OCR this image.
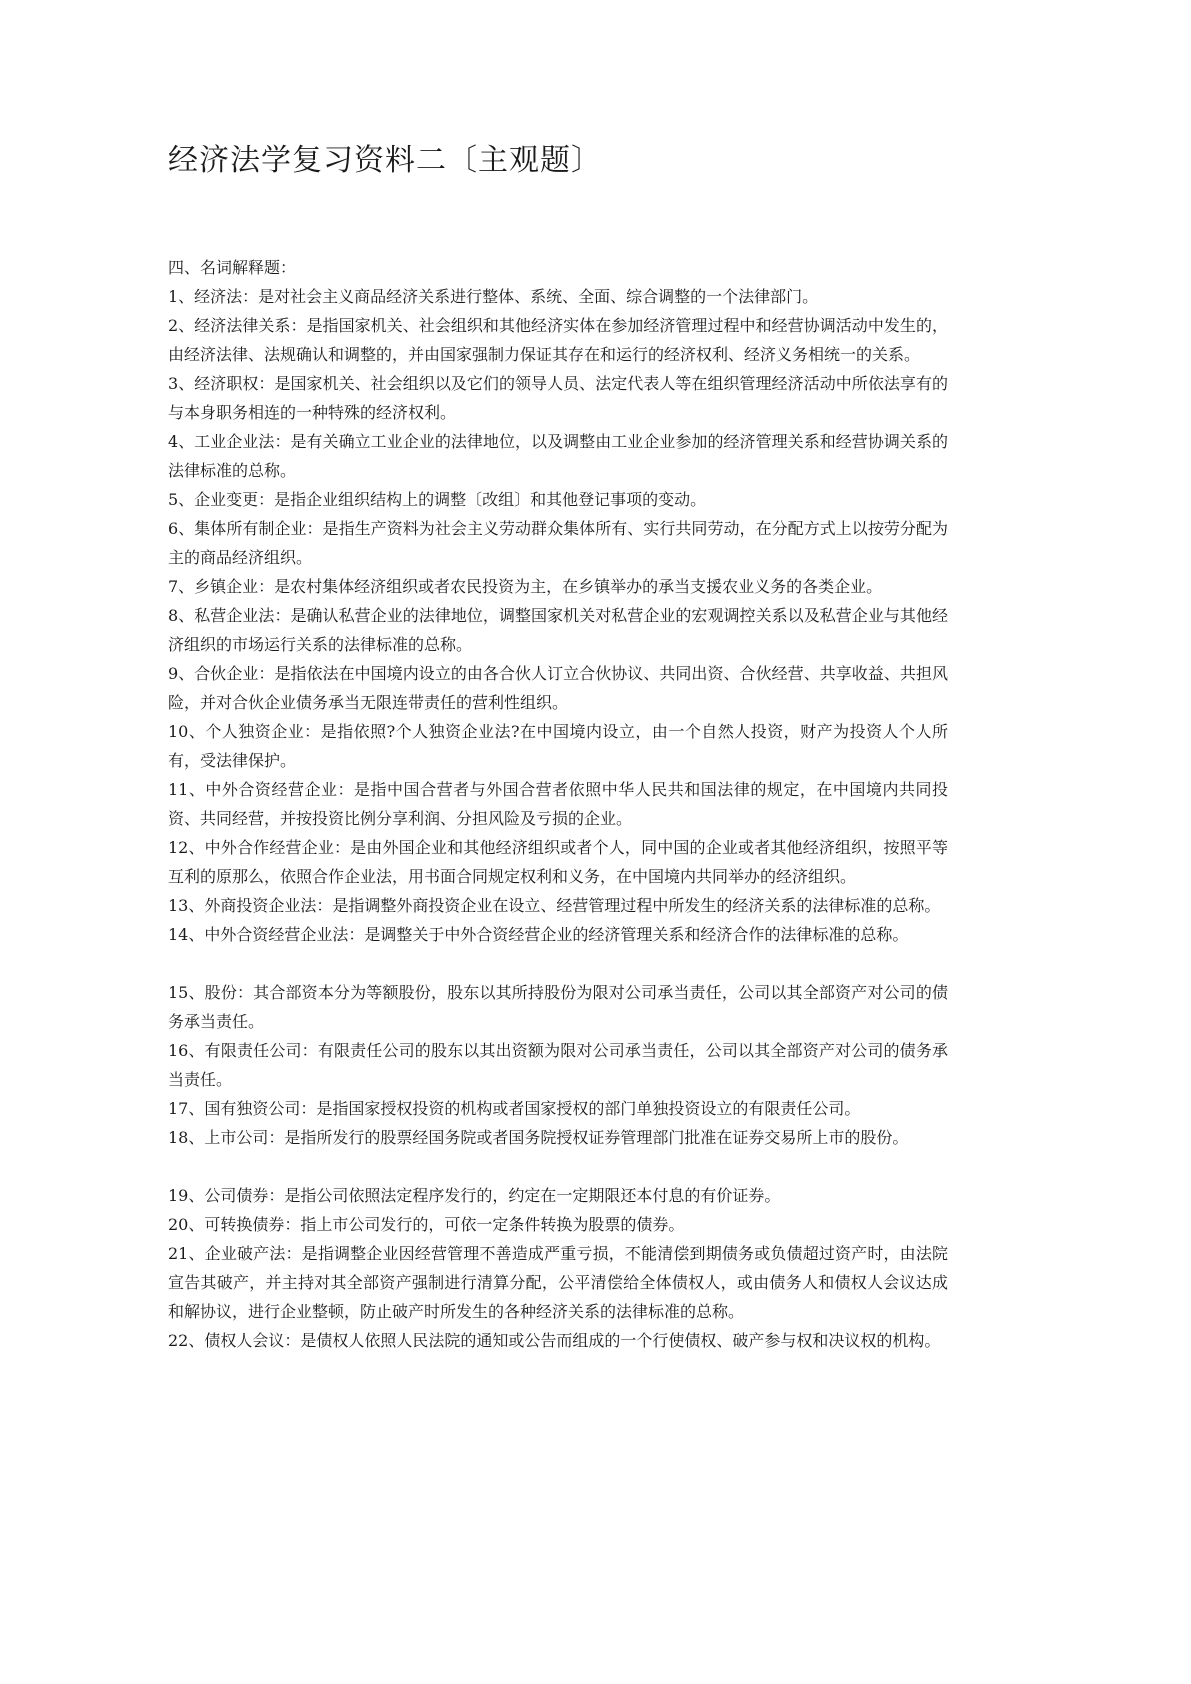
经济法学复习资料二〔主观题〕
四、名词解释题：

1、经济法：是对社会主义商品经济关系进行整体、系统、全面、综合调整的一个法律部门。

2、经济法律关系：是指国家机关、社会组织和其他经济实体在参加经济管理过程中和经营协调活动中发生的，由经济法律、法规确认和调整的，并由国家强制力保证其存在和运行的经济权利、经济义务相统一的关系。

3、经济职权：是国家机关、社会组织以及它们的领导人员、法定代表人等在组织管理经济活动中所依法享有的与本身职务相连的一种特殊的经济权利。

4、工业企业法：是有关确立工业企业的法律地位，以及调整由工业企业参加的经济管理关系和经营协调关系的法律标准的总称。

5、企业变更：是指企业组织结构上的调整〔改组〕和其他登记事项的变动。

6、集体所有制企业：是指生产资料为社会主义劳动群众集体所有、实行共同劳动，在分配方式上以按劳分配为主的商品经济组织。

7、乡镇企业：是农村集体经济组织或者农民投资为主，在乡镇举办的承当支援农业义务的各类企业。

8、私营企业法：是确认私营企业的法律地位，调整国家机关对私营企业的宏观调控关系以及私营企业与其他经济组织的市场运行关系的法律标准的总称。

9、合伙企业：是指依法在中国境内设立的由各合伙人订立合伙协议、共同出资、合伙经营、共享收益、共担风险，并对合伙企业债务承当无限连带责任的营利性组织。

10、个人独资企业：是指依照?个人独资企业法?在中国境内设立，由一个自然人投资，财产为投资人个人所有，受法律保护。

11、中外合资经营企业：是指中国合营者与外国合营者依照中华人民共和国法律的规定，在中国境内共同投资、共同经营，并按投资比例分享利润、分担风险及亏损的企业。

12、中外合作经营企业：是由外国企业和其他经济组织或者个人，同中国的企业或者其他经济组织，按照平等互利的原那么，依照合作企业法，用书面合同规定权利和义务，在中国境内共同举办的经济组织。

13、外商投资企业法：是指调整外商投资企业在设立、经营管理过程中所发生的经济关系的法律标准的总称。

14、中外合资经营企业法：是调整关于中外合资经营企业的经济管理关系和经济合作的法律标准的总称。

15、股份：其合部资本分为等额股份，股东以其所持股份为限对公司承当责任，公司以其全部资产对公司的债务承当责任。

16、有限责任公司：有限责任公司的股东以其出资额为限对公司承当责任，公司以其全部资产对公司的债务承当责任。

17、国有独资公司：是指国家授权投资的机构或者国家授权的部门单独投资设立的有限责任公司。

18、上市公司：是指所发行的股票经国务院或者国务院授权证券管理部门批准在证券交易所上市的股份。

19、公司债券：是指公司依照法定程序发行的，约定在一定期限还本付息的有价证券。

20、可转换债券：指上市公司发行的，可依一定条件转换为股票的债券。

21、企业破产法：是指调整企业因经营管理不善造成严重亏损，不能清偿到期债务或负债超过资产时，由法院宣告其破产，并主持对其全部资产强制进行清算分配，公平清偿给全体债权人，或由债务人和债权人会议达成和解协议，进行企业整顿，防止破产时所发生的各种经济关系的法律标准的总称。

22、债权人会议：是债权人依照人民法院的通知或公告而组成的一个行使债权、破产参与权和决议权的机构。
